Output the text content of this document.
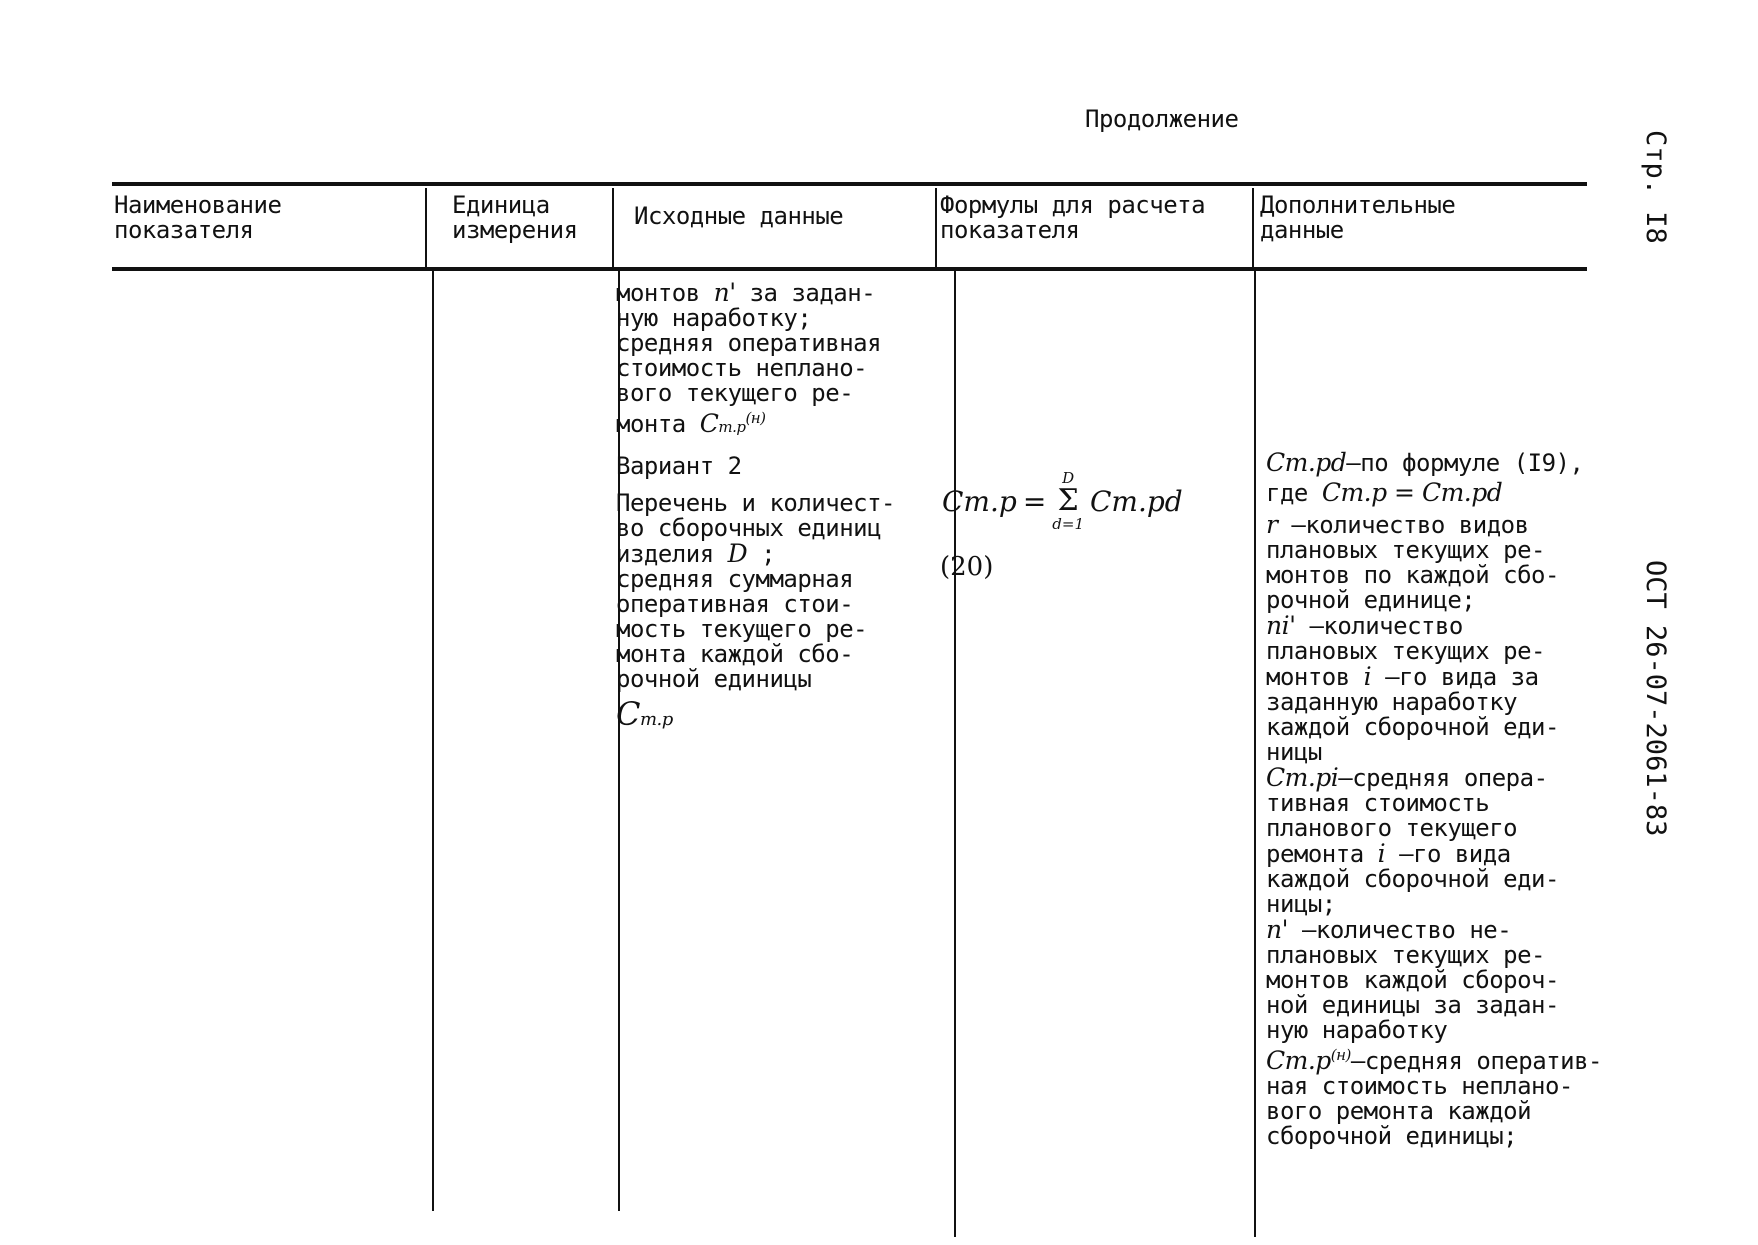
Продолжение
Стр. I8
ОСТ 26-07-2061-83
Наименование
показателя
Единица
измерения Исходные данные	Формулы для расчета
показателя
Дополнительные
данные
монтов n' за задан-
ную наработку;
средняя оперативная
стоимость неплано-
вого текущего ре-
монта $Cт.р^{(н)}$
Вариант 2
Перечень и количест-
во сборочных единиц
изделия D ;
средняя суммарная
оперативная стои-
мость текущего ре-
монта каждой сбо-
рочной единицы
Cт.р
Cт.р =
D
Σ
d=1
Cт.рd
(20)
Cт.рd–по формуле (I9),
где Cт.р = Cт.рd
r –количество видов
плановых текущих ре-
монтов по каждой сбо-
рочной единице;
ni' –количество
плановых текущих ре-
монтов i –го вида за
заданную наработку
каждой сборочной еди-
ницы
Cт.рi–средняя опера-
тивная стоимость
планового текущего
ремонта i –го вида
каждой сборочной еди-
ницы;
n' –количество не-
плановых текущих ре-
монтов каждой сбороч-
ной единицы за задан-
ную наработку
$Cт.р^{(н)}$–средняя оператив-
ная стоимость неплано-
вого ремонта каждой
сборочной единицы;
